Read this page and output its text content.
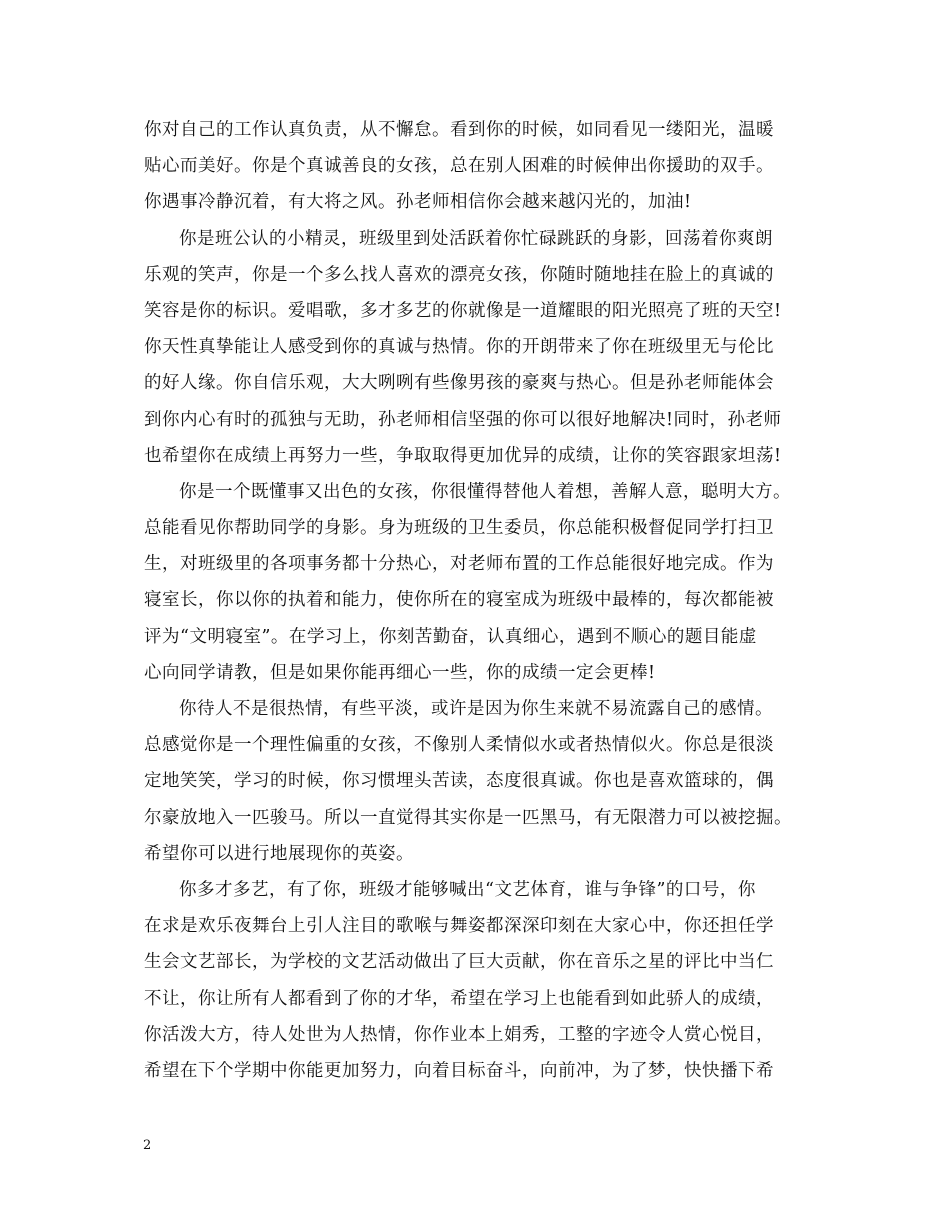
你对自己的工作认真负责，从不懈怠。看到你的时候，如同看见一缕阳光，温暖
贴心而美好。你是个真诚善良的女孩，总在别人困难的时候伸出你援助的双手。
你遇事冷静沉着，有大将之风。孙老师相信你会越来越闪光的，加油!
你是班公认的小精灵，班级里到处活跃着你忙碌跳跃的身影，回荡着你爽朗
乐观的笑声，你是一个多么找人喜欢的漂亮女孩，你随时随地挂在脸上的真诚的
笑容是你的标识。爱唱歌，多才多艺的你就像是一道耀眼的阳光照亮了班的天空!
你天性真挚能让人感受到你的真诚与热情。你的开朗带来了你在班级里无与伦比
的好人缘。你自信乐观，大大咧咧有些像男孩的豪爽与热心。但是孙老师能体会
到你内心有时的孤独与无助，孙老师相信坚强的你可以很好地解决!同时，孙老师
也希望你在成绩上再努力一些，争取取得更加优异的成绩，让你的笑容跟家坦荡!
你是一个既懂事又出色的女孩，你很懂得替他人着想，善解人意，聪明大方。
总能看见你帮助同学的身影。身为班级的卫生委员，你总能积极督促同学打扫卫
生，对班级里的各项事务都十分热心，对老师布置的工作总能很好地完成。作为
寝室长，你以你的执着和能力，使你所在的寝室成为班级中最棒的，每次都能被
评为“文明寝室”。在学习上，你刻苦勤奋，认真细心，遇到不顺心的题目能虚
心向同学请教，但是如果你能再细心一些，你的成绩一定会更棒!
你待人不是很热情，有些平淡，或许是因为你生来就不易流露自己的感情。
总感觉你是一个理性偏重的女孩，不像别人柔情似水或者热情似火。你总是很淡
定地笑笑，学习的时候，你习惯埋头苦读，态度很真诚。你也是喜欢篮球的，偶
尔豪放地入一匹骏马。所以一直觉得其实你是一匹黑马，有无限潜力可以被挖掘。
希望你可以进行地展现你的英姿。
你多才多艺，有了你，班级才能够喊出“文艺体育，谁与争锋”的口号，你
在求是欢乐夜舞台上引人注目的歌喉与舞姿都深深印刻在大家心中，你还担任学
生会文艺部长，为学校的文艺活动做出了巨大贡献，你在音乐之星的评比中当仁
不让，你让所有人都看到了你的才华，希望在学习上也能看到如此骄人的成绩，
你活泼大方，待人处世为人热情，你作业本上娟秀，工整的字迹令人赏心悦目，
希望在下个学期中你能更加努力，向着目标奋斗，向前冲，为了梦，快快播下希
2
